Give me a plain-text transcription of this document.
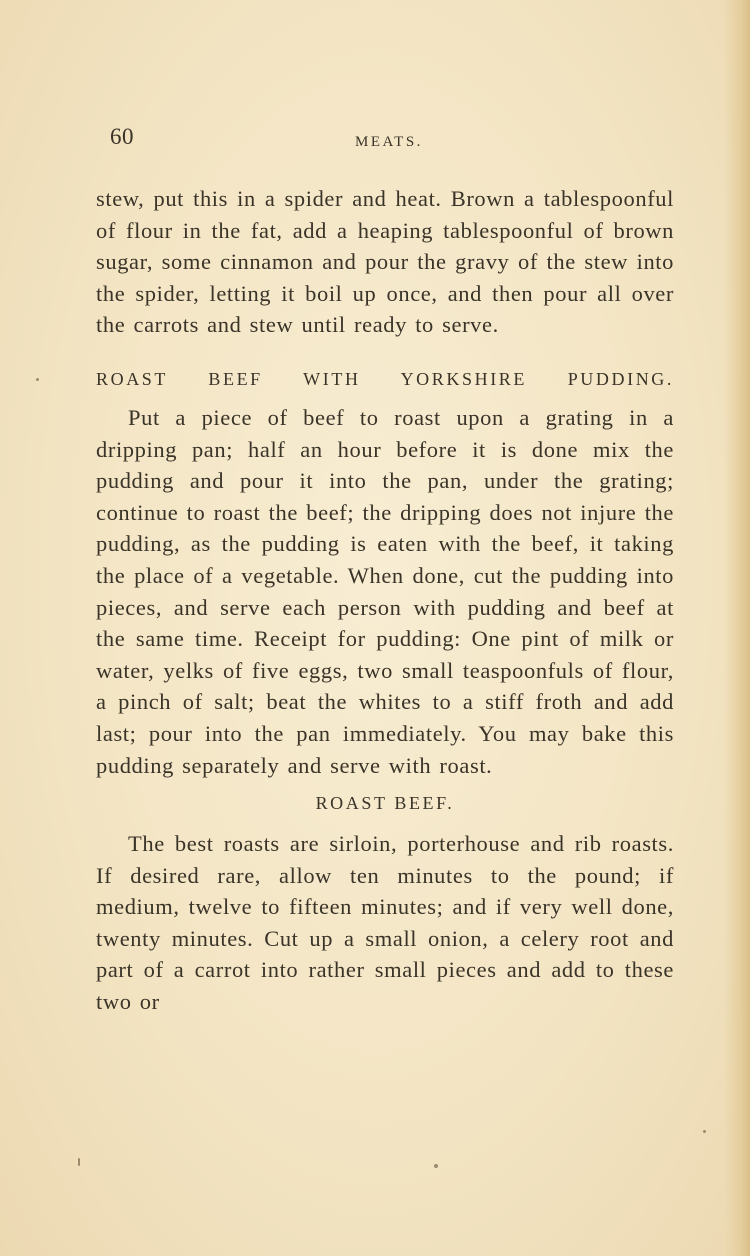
60	MEATS.

stew, put this in a spider and heat. Brown a tablespoonful of flour in the fat, add a heaping tablespoonful of brown sugar, some cinnamon and pour the gravy of the stew into the spider, letting it boil up once, and then pour all over the carrots and stew until ready to serve.

ROAST BEEF WITH YORKSHIRE PUDDING.

Put a piece of beef to roast upon a grating in a dripping pan; half an hour before it is done mix the pudding and pour it into the pan, under the grating; continue to roast the beef; the dripping does not injure the pudding, as the pudding is eaten with the beef, it taking the place of a vegetable. When done, cut the pudding into pieces, and serve each person with pudding and beef at the same time. Receipt for pudding: One pint of milk or water, yelks of five eggs, two small teaspoonfuls of flour, a pinch of salt; beat the whites to a stiff froth and add last; pour into the pan immediately. You may bake this pudding separately and serve with roast.

ROAST BEEF.

The best roasts are sirloin, porterhouse and rib roasts. If desired rare, allow ten minutes to the pound; if medium, twelve to fifteen minutes; and if very well done, twenty minutes. Cut up a small onion, a celery root and part of a carrot into rather small pieces and add to these two or
